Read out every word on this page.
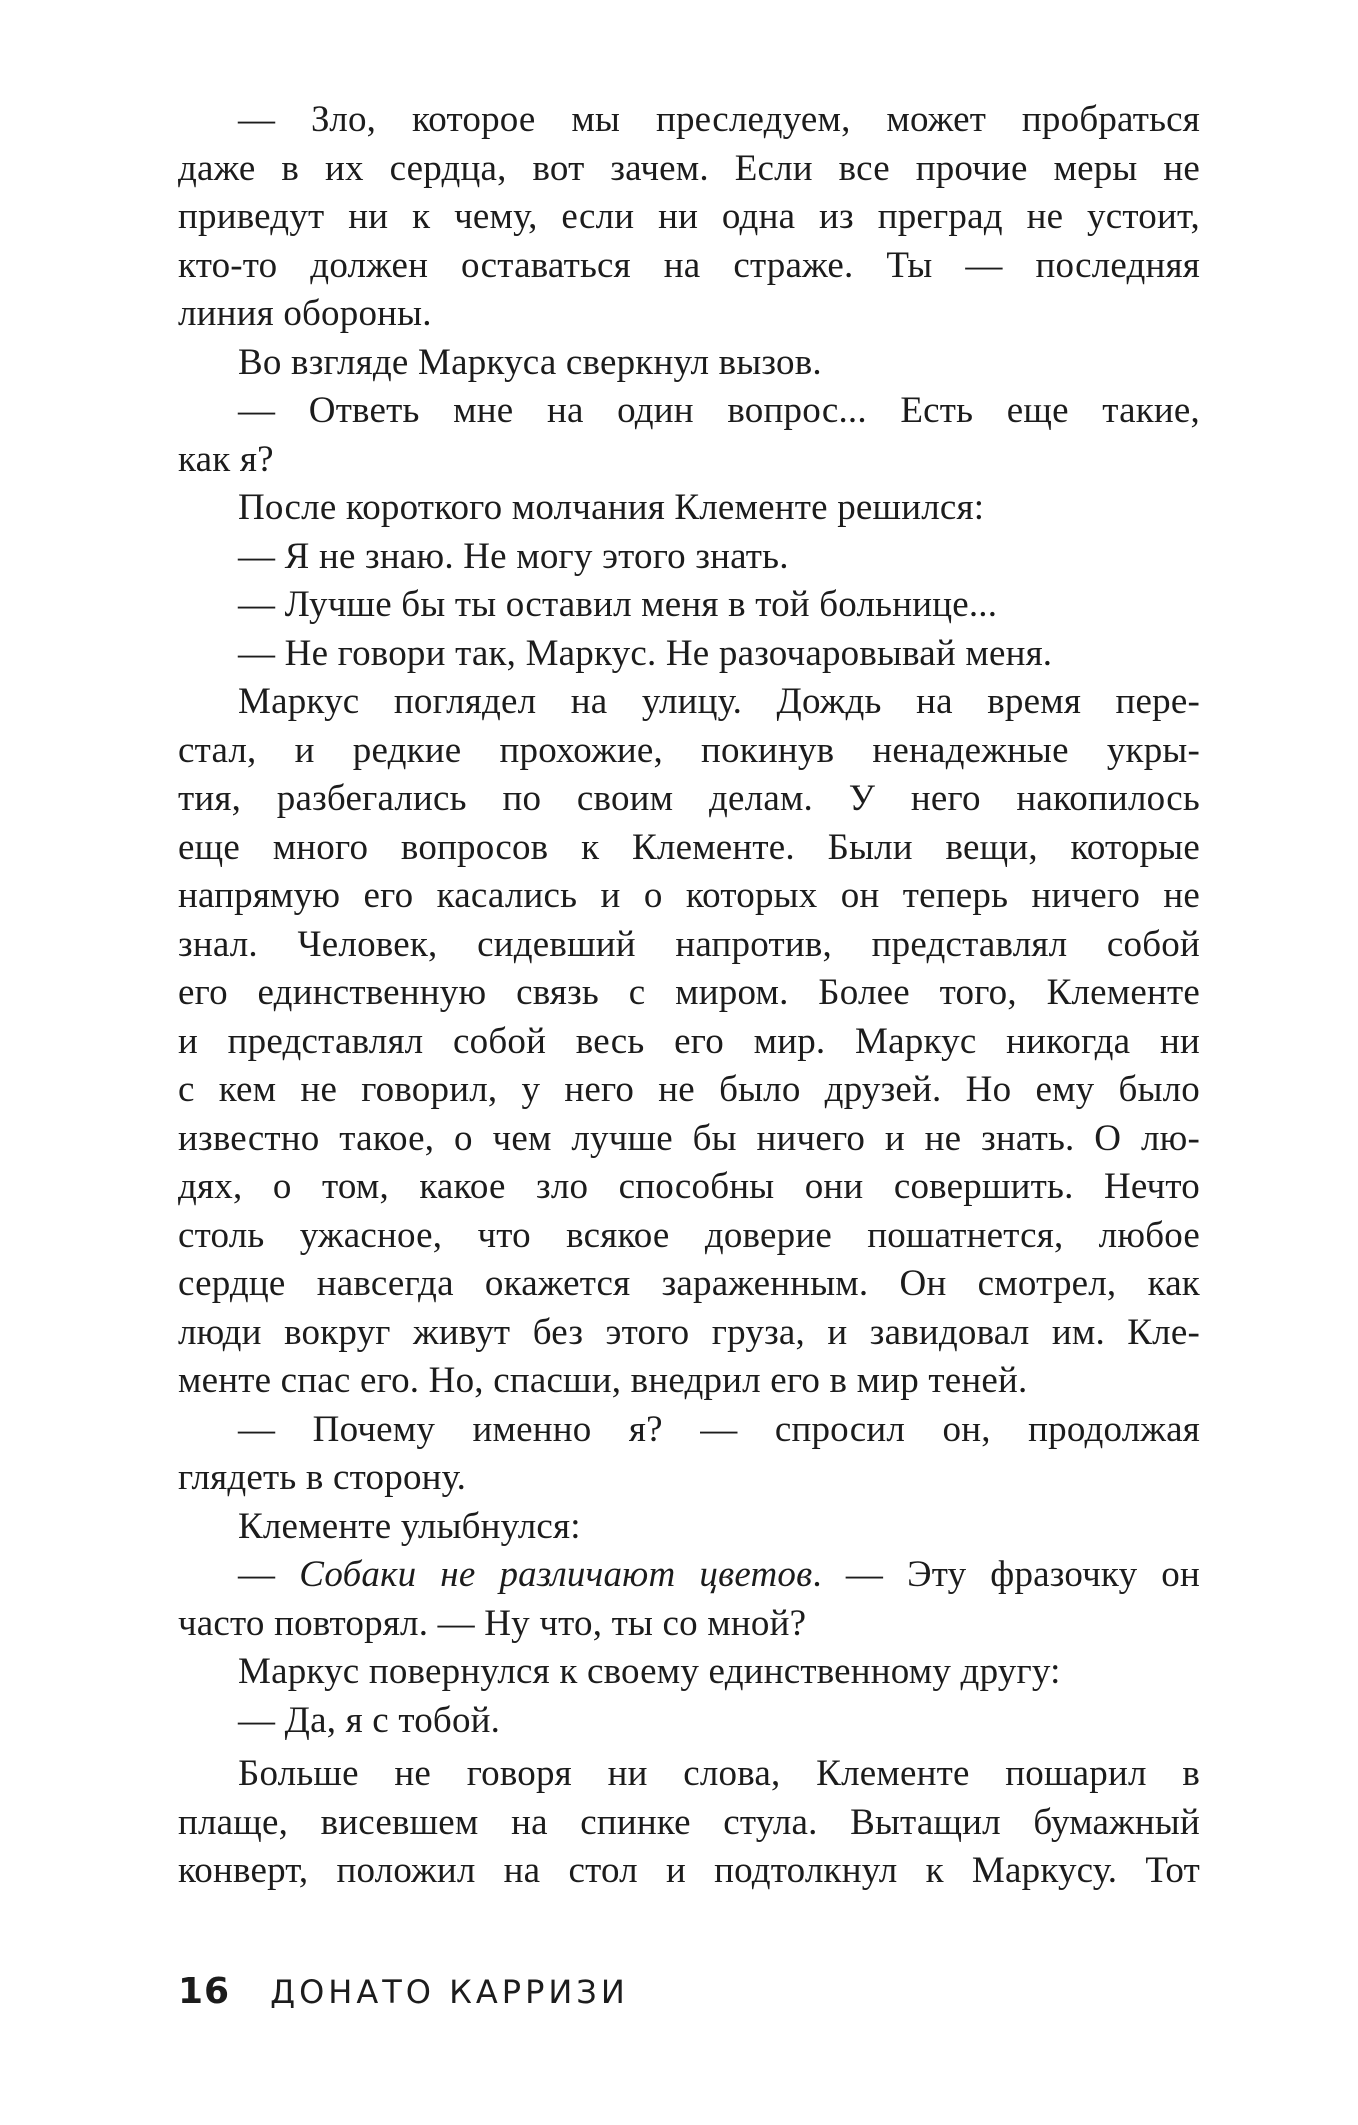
— Зло, которое мы преследуем, может пробраться
даже в их сердца, вот зачем. Если все прочие меры не
приведут ни к чему, если ни одна из преград не устоит,
кто-то должен оставаться на страже. Ты — последняя
линия обороны.
Во взгляде Маркуса сверкнул вызов.
— Ответь мне на один вопрос... Есть еще такие,
как я?
После короткого молчания Клементе решился:
— Я не знаю. Не могу этого знать.
— Лучше бы ты оставил меня в той больнице...
— Не говори так, Маркус. Не разочаровывай меня.
Маркус поглядел на улицу. Дождь на время пере-
стал, и редкие прохожие, покинув ненадежные укры-
тия, разбегались по своим делам. У него накопилось
еще много вопросов к Клементе. Были вещи, которые
напрямую его касались и о которых он теперь ничего не
знал. Человек, сидевший напротив, представлял собой
его единственную связь с миром. Более того, Клементе
и представлял собой весь его мир. Маркус никогда ни
с кем не говорил, у него не было друзей. Но ему было
известно такое, о чем лучше бы ничего и не знать. О лю-
дях, о том, какое зло способны они совершить. Нечто
столь ужасное, что всякое доверие пошатнется, любое
сердце навсегда окажется зараженным. Он смотрел, как
люди вокруг живут без этого груза, и завидовал им. Кле-
менте спас его. Но, спасши, внедрил его в мир теней.
— Почему именно я? — спросил он, продолжая
глядеть в сторону.
Клементе улыбнулся:
— Собаки не различают цветов. — Эту фразочку он
часто повторял. — Ну что, ты со мной?
Маркус повернулся к своему единственному другу:
— Да, я с тобой.
Больше не говоря ни слова, Клементе пошарил в
плаще, висевшем на спинке стула. Вытащил бумажный
конверт, положил на стол и подтолкнул к Маркусу. Тот
16 ДОНАТО КАРРИЗИ
